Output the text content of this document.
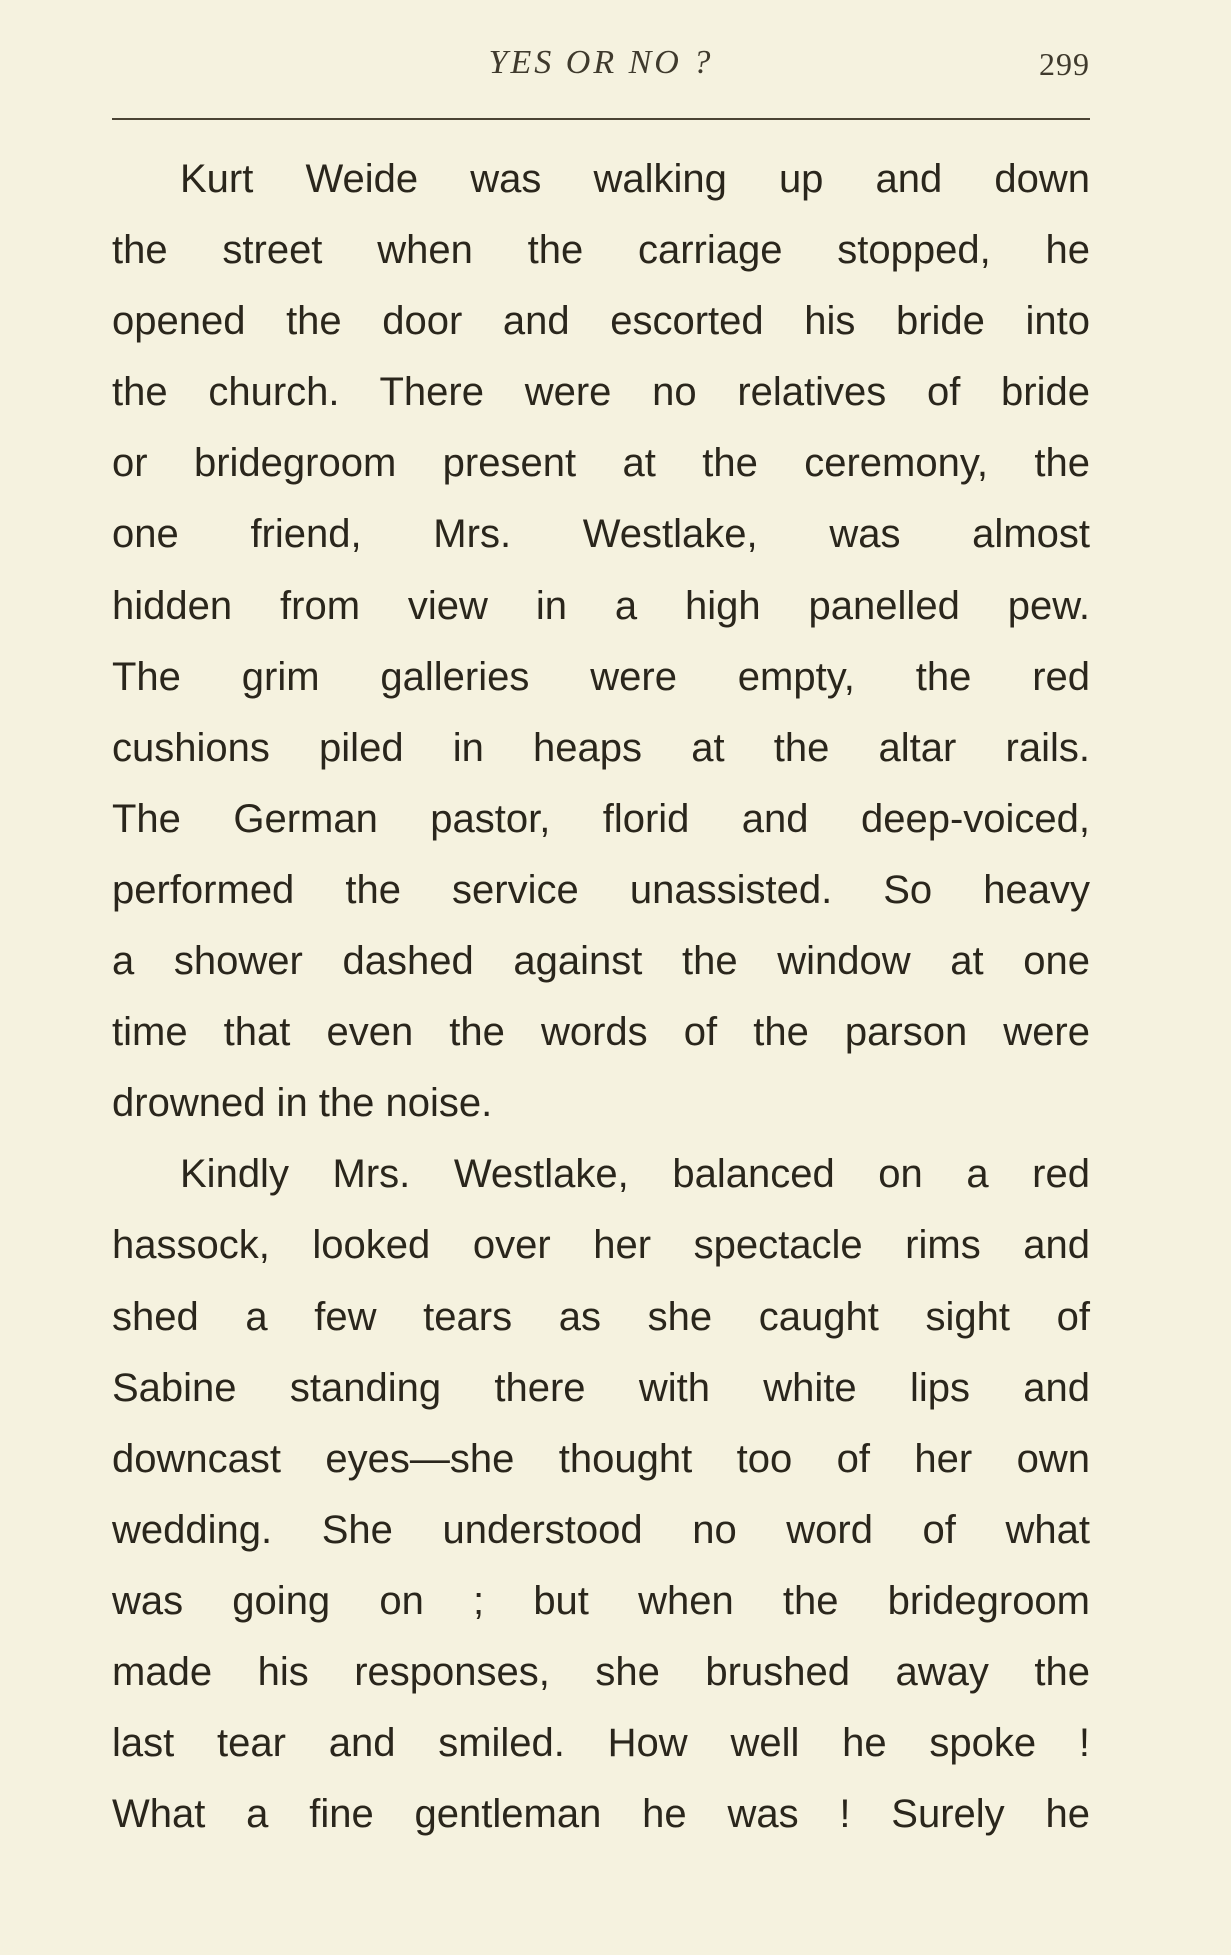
YES OR NO ?	299
Kurt Weide was walking up and down
the street when the carriage stopped, he
opened the door and escorted his bride into
the church. There were no relatives of bride
or bridegroom present at the ceremony, the
one friend, Mrs. Westlake, was almost
hidden from view in a high panelled pew.
The grim galleries were empty, the red
cushions piled in heaps at the altar rails.
The German pastor, florid and deep-voiced,
performed the service unassisted. So heavy
a shower dashed against the window at one
time that even the words of the parson were
drowned in the noise.
Kindly Mrs. Westlake, balanced on a red
hassock, looked over her spectacle rims and
shed a few tears as she caught sight of
Sabine standing there with white lips and
downcast eyes—she thought too of her own
wedding. She understood no word of what
was going on ; but when the bridegroom
made his responses, she brushed away the
last tear and smiled. How well he spoke !
What a fine gentleman he was ! Surely he
